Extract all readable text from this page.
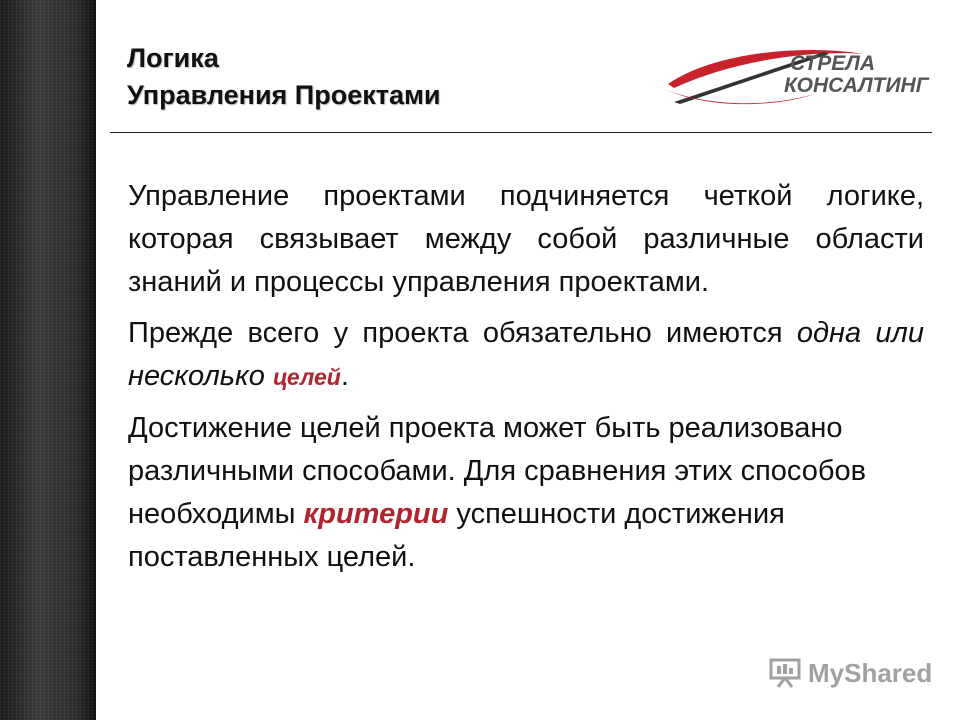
Логика
Управления Проектами
СТРЕЛА
КОНСАЛТИНГ

Управление проектами подчиняется четкой логике, которая связывает между собой различные области знаний и процессы управления проектами.

Прежде всего у проекта обязательно имеются одна или несколько целей.

Достижение целей проекта может быть реализовано различными способами. Для сравнения этих способов необходимы критерии успешности достижения поставленных целей.

MyShared
